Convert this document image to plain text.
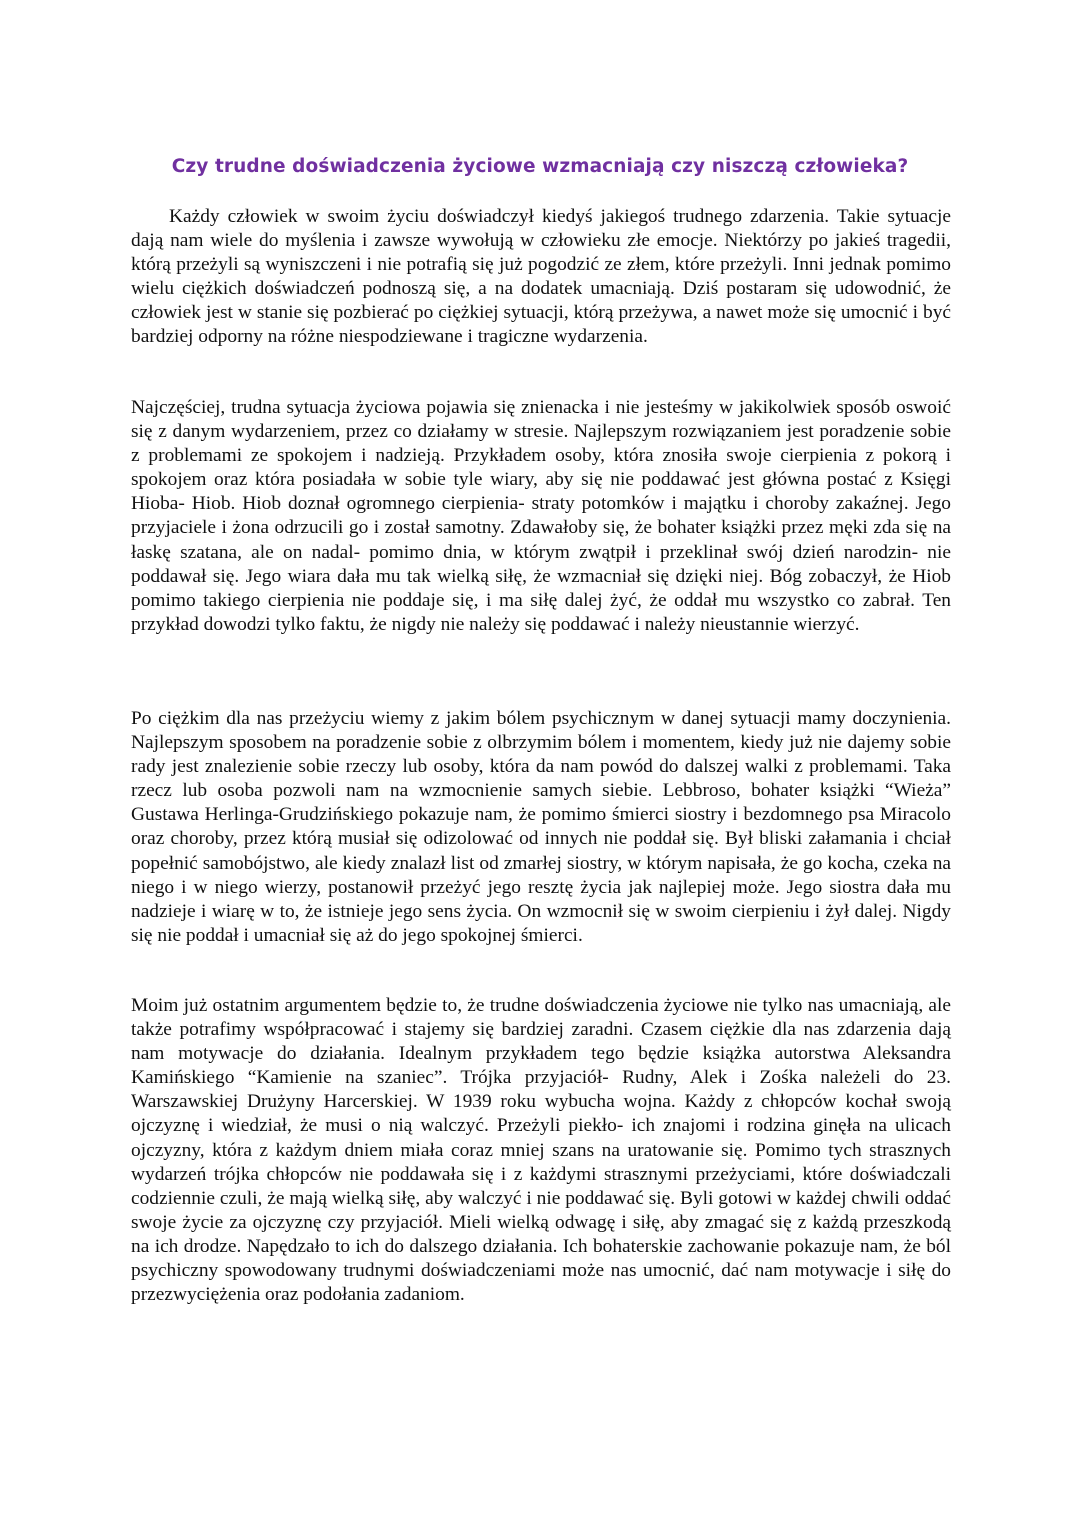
Czy trudne doświadczenia życiowe wzmacniają czy niszczą człowieka?

Każdy człowiek w swoim życiu doświadczył kiedyś jakiegoś trudnego zdarzenia. Takie sytuacje dają nam wiele do myślenia i zawsze wywołują w człowieku złe emocje. Niektórzy po jakieś tragedii, którą przeżyli są wyniszczeni i nie potrafią się już pogodzić ze złem, które przeżyli. Inni jednak pomimo wielu ciężkich doświadczeń podnoszą się, a na dodatek umacniają. Dziś postaram się udowodnić, że człowiek jest w stanie się pozbierać po ciężkiej sytuacji, którą przeżywa, a nawet może się umocnić i być bardziej odporny na różne niespodziewane i tragiczne wydarzenia.

Najczęściej, trudna sytuacja życiowa pojawia się znienacka i nie jesteśmy w jakikolwiek sposób oswoić się z danym wydarzeniem, przez co działamy w stresie. Najlepszym rozwiązaniem jest poradzenie sobie z problemami ze spokojem i nadzieją. Przykładem osoby, która znosiła swoje cierpienia z pokorą i spokojem oraz która posiadała w sobie tyle wiary, aby się nie poddawać jest główna postać z Księgi Hioba- Hiob. Hiob doznał ogromnego cierpienia- straty potomków i majątku i choroby zakaźnej. Jego przyjaciele i żona odrzucili go i został samotny. Zdawałoby się, że bohater książki przez męki zda się na łaskę szatana, ale on nadal- pomimo dnia, w którym zwątpił i przeklinał swój dzień narodzin- nie poddawał się. Jego wiara dała mu tak wielką siłę, że wzmacniał się dzięki niej. Bóg zobaczył, że Hiob pomimo takiego cierpienia nie poddaje się, i ma siłę dalej żyć, że oddał mu wszystko co zabrał. Ten przykład dowodzi tylko faktu, że nigdy nie należy się poddawać i należy nieustannie wierzyć.

Po ciężkim dla nas przeżyciu wiemy z jakim bólem psychicznym w danej sytuacji mamy doczynienia. Najlepszym sposobem na poradzenie sobie z olbrzymim bólem i momentem, kiedy już nie dajemy sobie rady jest znalezienie sobie rzeczy lub osoby, która da nam powód do dalszej walki z problemami. Taka rzecz lub osoba pozwoli nam na wzmocnienie samych siebie. Lebbroso, bohater książki “Wieża” Gustawa Herlinga-Grudzińskiego pokazuje nam, że pomimo śmierci siostry i bezdomnego psa Miracolo oraz choroby, przez którą musiał się odizolować od innych nie poddał się. Był bliski załamania i chciał popełnić samobójstwo, ale kiedy znalazł list od zmarłej siostry, w którym napisała, że go kocha, czeka na niego i w niego wierzy, postanowił przeżyć jego resztę życia jak najlepiej może. Jego siostra dała mu nadzieje i wiarę w to, że istnieje jego sens życia. On wzmocnił się w swoim cierpieniu i żył dalej. Nigdy się nie poddał i umacniał się aż do jego spokojnej śmierci.

Moim już ostatnim argumentem będzie to, że trudne doświadczenia życiowe nie tylko nas umacniają, ale także potrafimy współpracować i stajemy się bardziej zaradni. Czasem ciężkie dla nas zdarzenia dają nam motywacje do działania. Idealnym przykładem tego będzie książka autorstwa Aleksandra Kamińskiego “Kamienie na szaniec”. Trójka przyjaciół- Rudny, Alek i Zośka należeli do 23. Warszawskiej Drużyny Harcerskiej. W 1939 roku wybucha wojna. Każdy z chłopców kochał swoją ojczyznę i wiedział, że musi o nią walczyć. Przeżyli piekło- ich znajomi i rodzina ginęła na ulicach ojczyzny, która z każdym dniem miała coraz mniej szans na uratowanie się. Pomimo tych strasznych wydarzeń trójka chłopców nie poddawała się i z każdymi strasznymi przeżyciami, które doświadczali codziennie czuli, że mają wielką siłę, aby walczyć i nie poddawać się. Byli gotowi w każdej chwili oddać swoje życie za ojczyznę czy przyjaciół. Mieli wielką odwagę i siłę, aby zmagać się z każdą przeszkodą na ich drodze. Napędzało to ich do dalszego działania. Ich bohaterskie zachowanie pokazuje nam, że ból psychiczny spowodowany trudnymi doświadczeniami może nas umocnić, dać nam motywacje i siłę do przezwyciężenia oraz podołania zadaniom.
